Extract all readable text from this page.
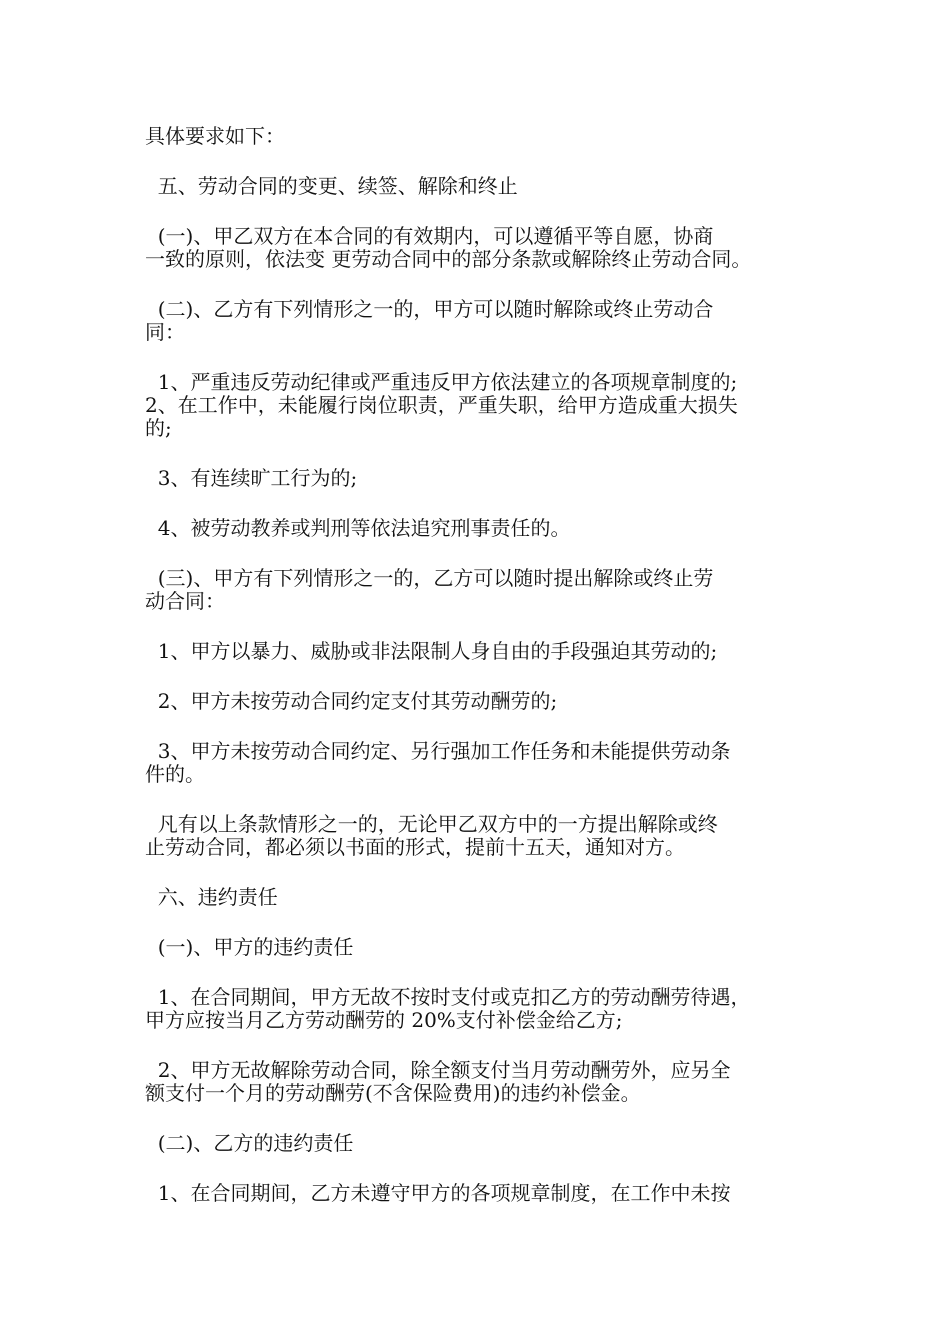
具体要求如下：
五、劳动合同的变更、续签、解除和终止
(一)、甲乙双方在本合同的有效期内，可以遵循平等自愿，协商
一致的原则，依法变 更劳动合同中的部分条款或解除终止劳动合同。
(二)、乙方有下列情形之一的，甲方可以随时解除或终止劳动合
同：
1、严重违反劳动纪律或严重违反甲方依法建立的各项规章制度的;
2、在工作中，未能履行岗位职责，严重失职，给甲方造成重大损失
的;
3、有连续旷工行为的;
4、被劳动教养或判刑等依法追究刑事责任的。
(三)、甲方有下列情形之一的，乙方可以随时提出解除或终止劳
动合同：
1、甲方以暴力、威胁或非法限制人身自由的手段强迫其劳动的;
2、甲方未按劳动合同约定支付其劳动酬劳的;
3、甲方未按劳动合同约定、另行强加工作任务和未能提供劳动条
件的。
凡有以上条款情形之一的，无论甲乙双方中的一方提出解除或终
止劳动合同，都必须以书面的形式，提前十五天，通知对方。
六、违约责任
(一)、甲方的违约责任
1、在合同期间，甲方无故不按时支付或克扣乙方的劳动酬劳待遇，
甲方应按当月乙方劳动酬劳的 20%支付补偿金给乙方;
2、甲方无故解除劳动合同，除全额支付当月劳动酬劳外，应另全
额支付一个月的劳动酬劳(不含保险费用)的违约补偿金。
(二)、乙方的违约责任
1、在合同期间，乙方未遵守甲方的各项规章制度，在工作中未按
